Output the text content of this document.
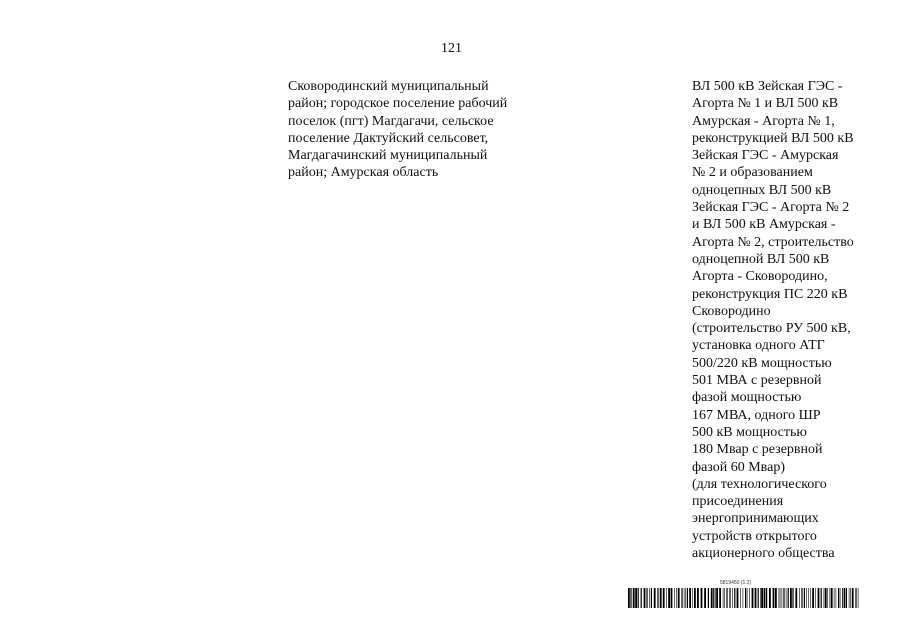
121

Сковородинский муниципальный
район; городское поселение рабочий
поселок (пгт) Магдагачи, сельское
поселение Дактуйский сельсовет,
Магдагачинский муниципальный
район; Амурская область

ВЛ 500 кВ Зейская ГЭС -
Агорта № 1 и ВЛ 500 кВ
Амурская - Агорта № 1,
реконструкцией ВЛ 500 кВ
Зейская ГЭС - Амурская
№ 2 и образованием
одноцепных ВЛ 500 кВ
Зейская ГЭС - Агорта № 2
и ВЛ 500 кВ Амурская -
Агорта № 2, строительство
одноцепной ВЛ 500 кВ
Агорта - Сковородино,
реконструкция ПС 220 кВ
Сковородино
(строительство РУ 500 кВ,
установка одного АТГ
500/220 кВ мощностью
501 МВА с резервной
фазой мощностью
167 МВА, одного ШР
500 кВ мощностью
180 Мвар с резервной
фазой 60 Мвар)
(для технологического
присоединения
энергопринимающих
устройств открытого
акционерного общества

5819450 (1.2)
